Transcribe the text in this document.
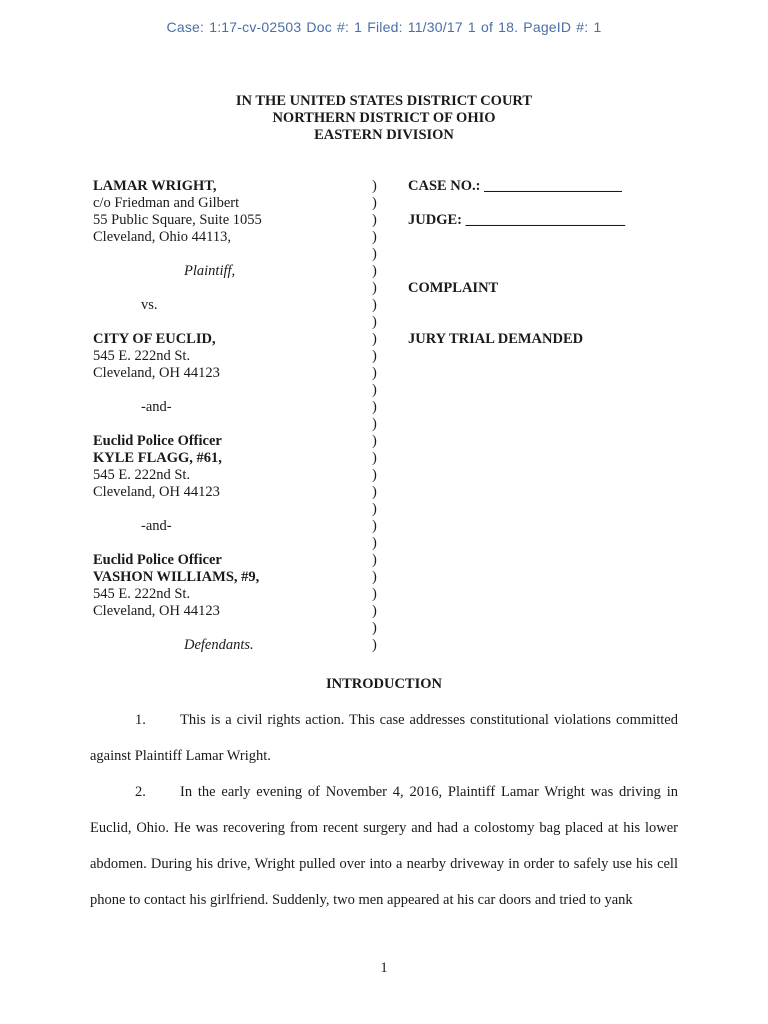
Case: 1:17-cv-02503 Doc #: 1 Filed: 11/30/17 1 of 18. PageID #: 1
IN THE UNITED STATES DISTRICT COURT
NORTHERN DISTRICT OF OHIO
EASTERN DIVISION
LAMAR WRIGHT,
c/o Friedman and Gilbert
55 Public Square, Suite 1055
Cleveland, Ohio 44113,
Plaintiff,
vs.
CITY OF EUCLID,
545 E. 222nd St.
Cleveland, OH 44123
-and-
Euclid Police Officer
KYLE FLAGG, #61,
545 E. 222nd St.
Cleveland, OH 44123
-and-
Euclid Police Officer
VASHON WILLIAMS, #9,
545 E. 222nd St.
Cleveland, OH 44123
Defendants.
)
)
)
)
)
)
)
)
)
)
)
)
)
)
)
)
)
)
)
)
)
)
)
)
)
)
)
)
CASE NO.: ___________________
JUDGE: ______________________
COMPLAINT
JURY TRIAL DEMANDED
INTRODUCTION
1. This is a civil rights action. This case addresses constitutional violations committed against Plaintiff Lamar Wright.
2. In the early evening of November 4, 2016, Plaintiff Lamar Wright was driving in Euclid, Ohio. He was recovering from recent surgery and had a colostomy bag placed at his lower abdomen. During his drive, Wright pulled over into a nearby driveway in order to safely use his cell phone to contact his girlfriend. Suddenly, two men appeared at his car doors and tried to yank
1
